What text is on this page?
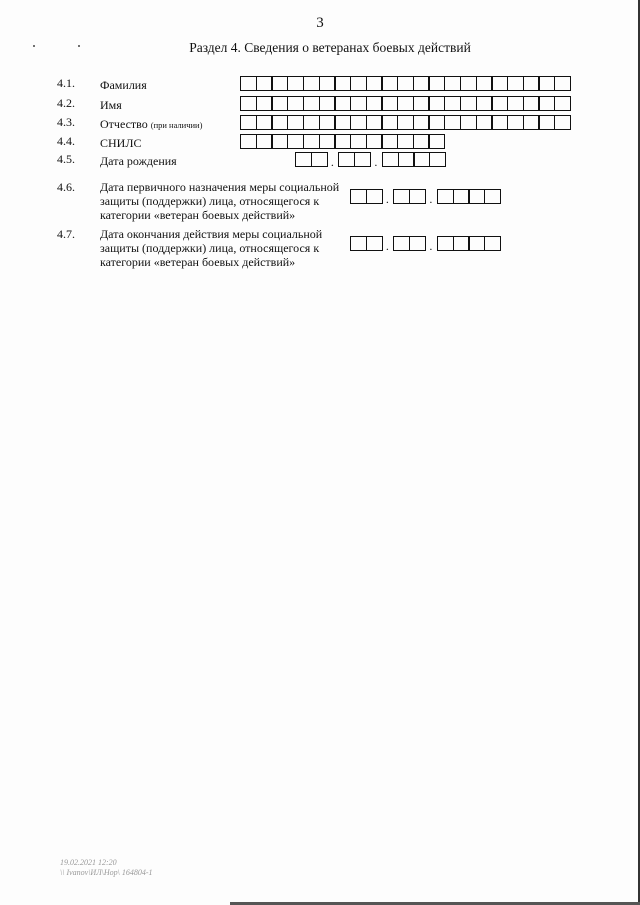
3
Раздел 4. Сведения о ветеранах боевых действий
4.1. Фамилия
4.2. Имя
4.3. Отчество (при наличии)
4.4. СНИЛС
4.5. Дата рождения	.	.
4.6. Дата первичного назначения меры социальной
защиты (поддержки) лица, относящегося к
категории «ветеран боевых действий»
.	.
4.7. Дата окончания действия меры социальной
защиты (поддержки) лица, относящегося к
категории «ветеран боевых действий»
.	.
19.02.2021 12:20
\\ Ivanov\ИЛ\Нор\ 164804-1
